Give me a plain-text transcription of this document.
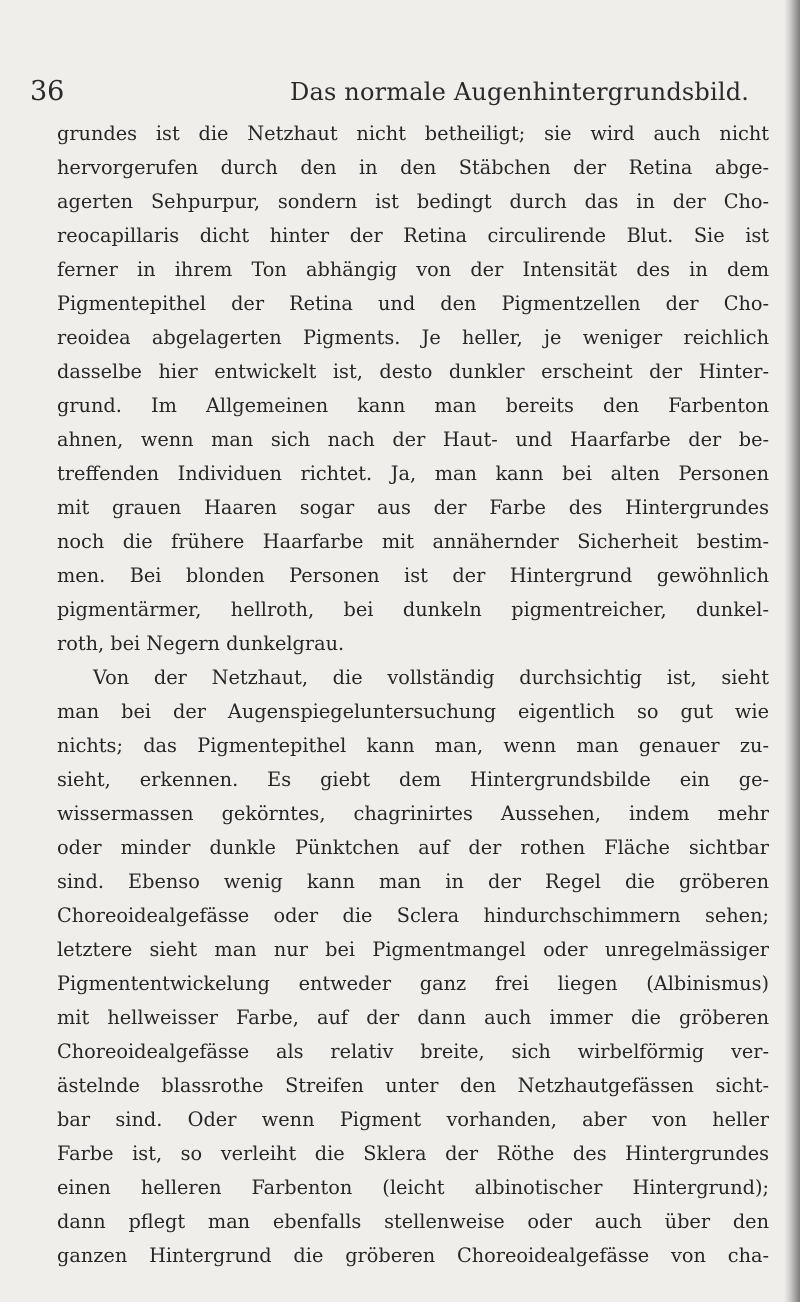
36	Das normale Augenhintergrundsbild.
grundes ist die Netzhaut nicht betheiligt; sie wird auch nicht
hervorgerufen durch den in den Stäbchen der Retina abge-
agerten Sehpurpur, sondern ist bedingt durch das in der Cho-
reocapillaris dicht hinter der Retina circulirende Blut. Sie ist
ferner in ihrem Ton abhängig von der Intensität des in dem
Pigmentepithel der Retina und den Pigmentzellen der Cho-
reoidea abgelagerten Pigments. Je heller, je weniger reichlich
dasselbe hier entwickelt ist, desto dunkler erscheint der Hinter-
grund. Im Allgemeinen kann man bereits den Farbenton
ahnen, wenn man sich nach der Haut- und Haarfarbe der be-
treffenden Individuen richtet. Ja, man kann bei alten Personen
mit grauen Haaren sogar aus der Farbe des Hintergrundes
noch die frühere Haarfarbe mit annähernder Sicherheit bestim-
men. Bei blonden Personen ist der Hintergrund gewöhnlich
pigmentärmer, hellroth, bei dunkeln pigmentreicher, dunkel-
roth, bei Negern dunkelgrau.
Von der Netzhaut, die vollständig durchsichtig ist, sieht
man bei der Augenspiegeluntersuchung eigentlich so gut wie
nichts; das Pigmentepithel kann man, wenn man genauer zu-
sieht, erkennen. Es giebt dem Hintergrundsbilde ein ge-
wissermassen gekörntes, chagrinirtes Aussehen, indem mehr
oder minder dunkle Pünktchen auf der rothen Fläche sichtbar
sind. Ebenso wenig kann man in der Regel die gröberen
Choreoidealgefässe oder die Sclera hindurchschimmern sehen;
letztere sieht man nur bei Pigmentmangel oder unregelmässiger
Pigmententwickelung entweder ganz frei liegen (Albinismus)
mit hellweisser Farbe, auf der dann auch immer die gröberen
Choreoidealgefässe als relativ breite, sich wirbelförmig ver-
ästelnde blassrothe Streifen unter den Netzhautgefässen sicht-
bar sind. Oder wenn Pigment vorhanden, aber von heller
Farbe ist, so verleiht die Sklera der Röthe des Hintergrundes
einen helleren Farbenton (leicht albinotischer Hintergrund);
dann pflegt man ebenfalls stellenweise oder auch über den
ganzen Hintergrund die gröberen Choreoidealgefässe von cha-
